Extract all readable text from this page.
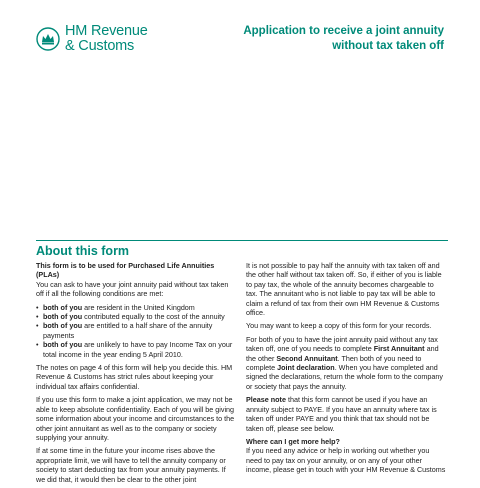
HM Revenue
& Customs
Application to receive a joint annuity
without tax taken off
About this form

This form is to be used for Purchased Life Annuities (PLAs)
You can ask to have your joint annuity paid without tax taken off if all the following conditions are met:

• both of you are resident in the United Kingdom
• both of you contributed equally to the cost of the annuity
• both of you are entitled to a half share of the annuity payments
• both of you are unlikely to have to pay Income Tax on your total income in the year ending 5 April 2010.

The notes on page 4 of this form will help you decide this. HM Revenue & Customs has strict rules about keeping your individual tax affairs confidential.

If you use this form to make a joint application, we may not be able to keep absolute confidentiality. Each of you will be giving some information about your income and circumstances to the other joint annuitant as well as to the company or society supplying your annuity.

If at some time in the future your income rises above the appropriate limit, we will have to tell the annuity company or society to start deducting tax from your annuity payments. If we did that, it would then be clear to the other joint

It is not possible to pay half the annuity with tax taken off and the other half without tax taken off. So, if either of you is liable to pay tax, the whole of the annuity becomes chargeable to tax. The annuitant who is not liable to pay tax will be able to claim a refund of tax from their own HM Revenue & Customs office.

You may want to keep a copy of this form for your records.

For both of you to have the joint annuity paid without any tax taken off, one of you needs to complete First Annuitant and the other Second Annuitant. Then both of you need to complete Joint declaration. When you have completed and signed the declarations, return the whole form to the company or society that pays the annuity.

Please note that this form cannot be used if you have an annuity subject to PAYE. If you have an annuity where tax is taken off under PAYE and you think that tax should not be taken off, please see below.

Where can I get more help?
If you need any advice or help in working out whether you need to pay tax on your annuity, or on any of your other income, please get in touch with your HM Revenue & Customs
